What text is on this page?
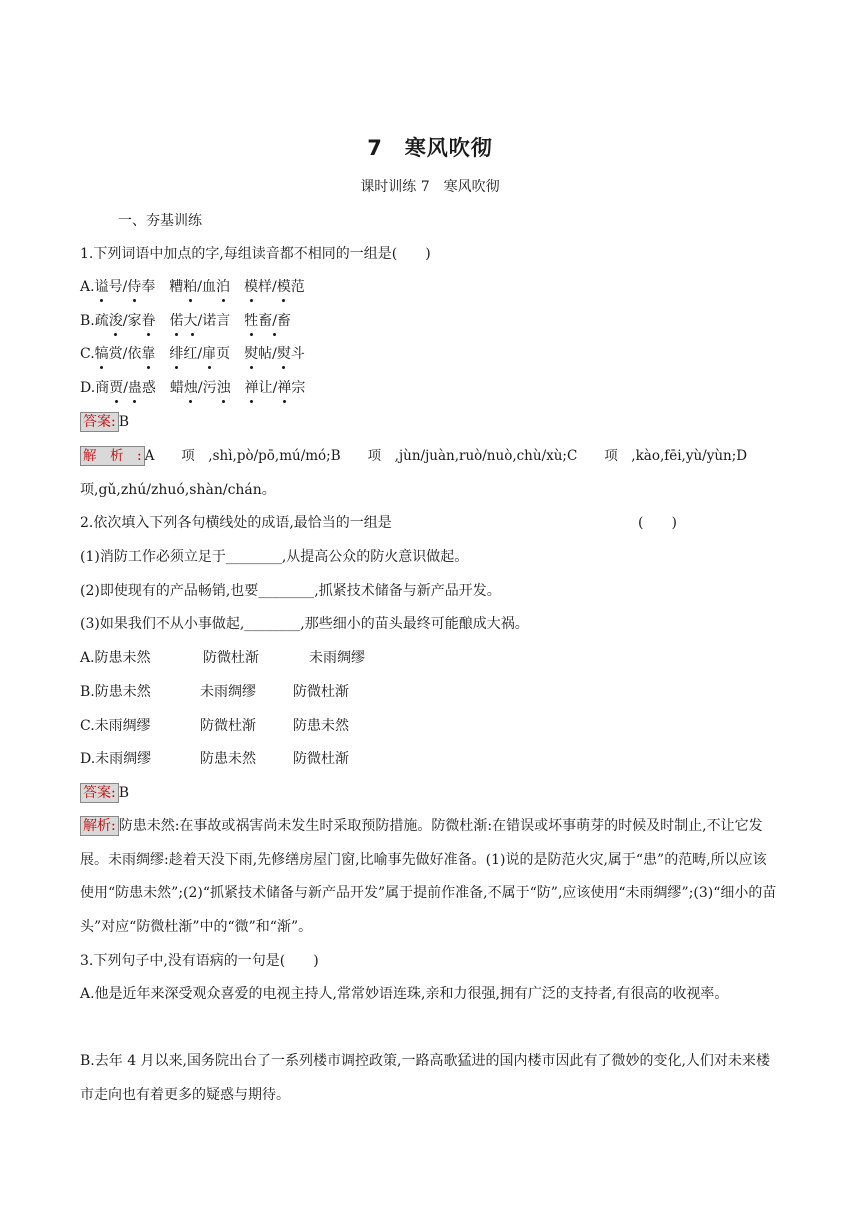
7　寒风吹彻
课时训练 7　寒风吹彻
一、夯基训练
1.下列词语中加点的字,每组读音都不相同的一组是(　　)
A.谥号/侍奉　糟粕/血泊　 模样/模范
B.疏浚/家眷　 偌大/诺言　牲畜/畜
C.犒赏/依靠　 绯红/扉页　熨帖/熨斗
D.商贾/蛊惑　蜡烛/污浊　 禅让/禅宗
答案: B
解　析　: A　　项　,shì,pò/pō,mú/mó;B　　项　,jùn/juàn,ruò/nuò,chù/xù;C　　项　,kào,fēi,yù/yùn;D
项,gǔ,zhú/zhuó,shàn/chán。
2.依次填入下列各句横线处的成语,最恰当的一组是	(　　)
(1)消防工作必须立足于________,从提高公众的防火意识做起。
(2)即使现有的产品畅销,也要________,抓紧技术储备与新产品开发。
(3)如果我们不从小事做起,________,那些细小的苗头最终可能酿成大祸。
A.防患未然	防微杜渐	未雨绸缪
B.防患未然	未雨绸缪	防微杜渐
C.未雨绸缪	防微杜渐	防患未然
D.未雨绸缪	防患未然	防微杜渐
答案: B
解析: 防患未然:在事故或祸害尚未发生时采取预防措施。防微杜渐:在错误或坏事萌芽的时候及时制止,不让它发展。未雨绸缪:趁着天没下雨,先修缮房屋门窗,比喻事先做好准备。(1)说的是防范火灾,属于“患”的范畴,所以应该使用“防患未然”;(2)“抓紧技术储备与新产品开发”属于提前作准备,不属于“防”,应该使用“未雨绸缪”;(3)“细小的苗头”对应“防微杜渐”中的“微”和“渐”。
3.下列句子中,没有语病的一句是(　　)
A.他是近年来深受观众喜爱的电视主持人,常常妙语连珠,亲和力很强,拥有广泛的支持者,有很高的收视率。
B.去年 4 月以来,国务院出台了一系列楼市调控政策,一路高歌猛进的国内楼市因此有了微妙的变化,人们对未来楼市走向也有着更多的疑惑与期待。
